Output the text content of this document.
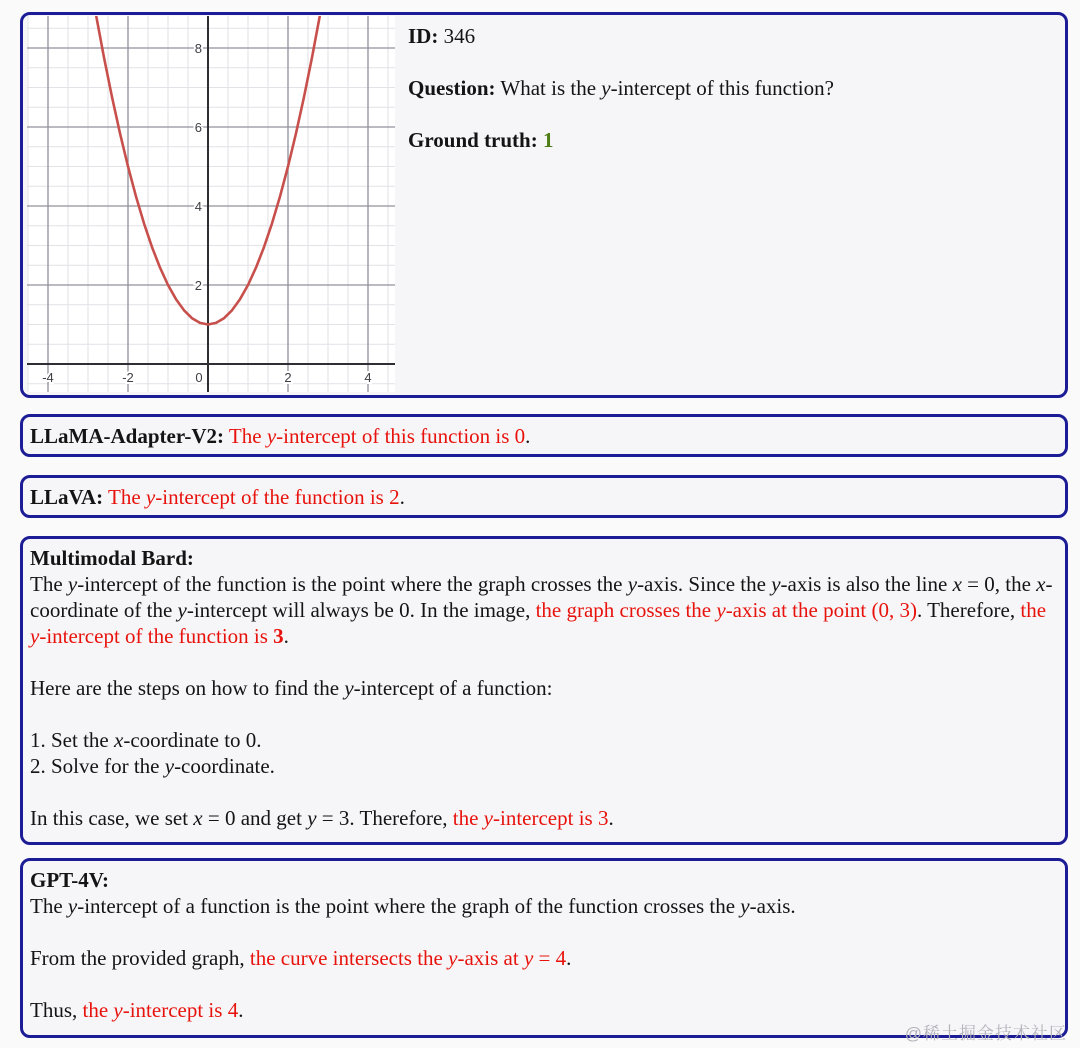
-4	-2	0	2	4
2
4
6
8

ID: 346

Question: What is the y-intercept of this function?

Ground truth: 1

LLaMA-Adapter-V2: The y-intercept of this function is 0.

LLaVA: The y-intercept of the function is 2.

Multimodal Bard:

The y-intercept of the function is the point where the graph crosses the y-axis. Since the y-axis is also the line x = 0, the x-coordinate of the y-intercept will always be 0. In the image, the graph crosses the y-axis at the point (0, 3). Therefore, the y-intercept of the function is 3.

Here are the steps on how to find the y-intercept of a function:

1. Set the x-coordinate to 0.

2. Solve for the y-coordinate.

In this case, we set x = 0 and get y = 3. Therefore, the y-intercept is 3.

GPT-4V:

The y-intercept of a function is the point where the graph of the function crosses the y-axis.

From the provided graph, the curve intersects the y-axis at y = 4.

Thus, the y-intercept is 4.

@稀土掘金技术社区
